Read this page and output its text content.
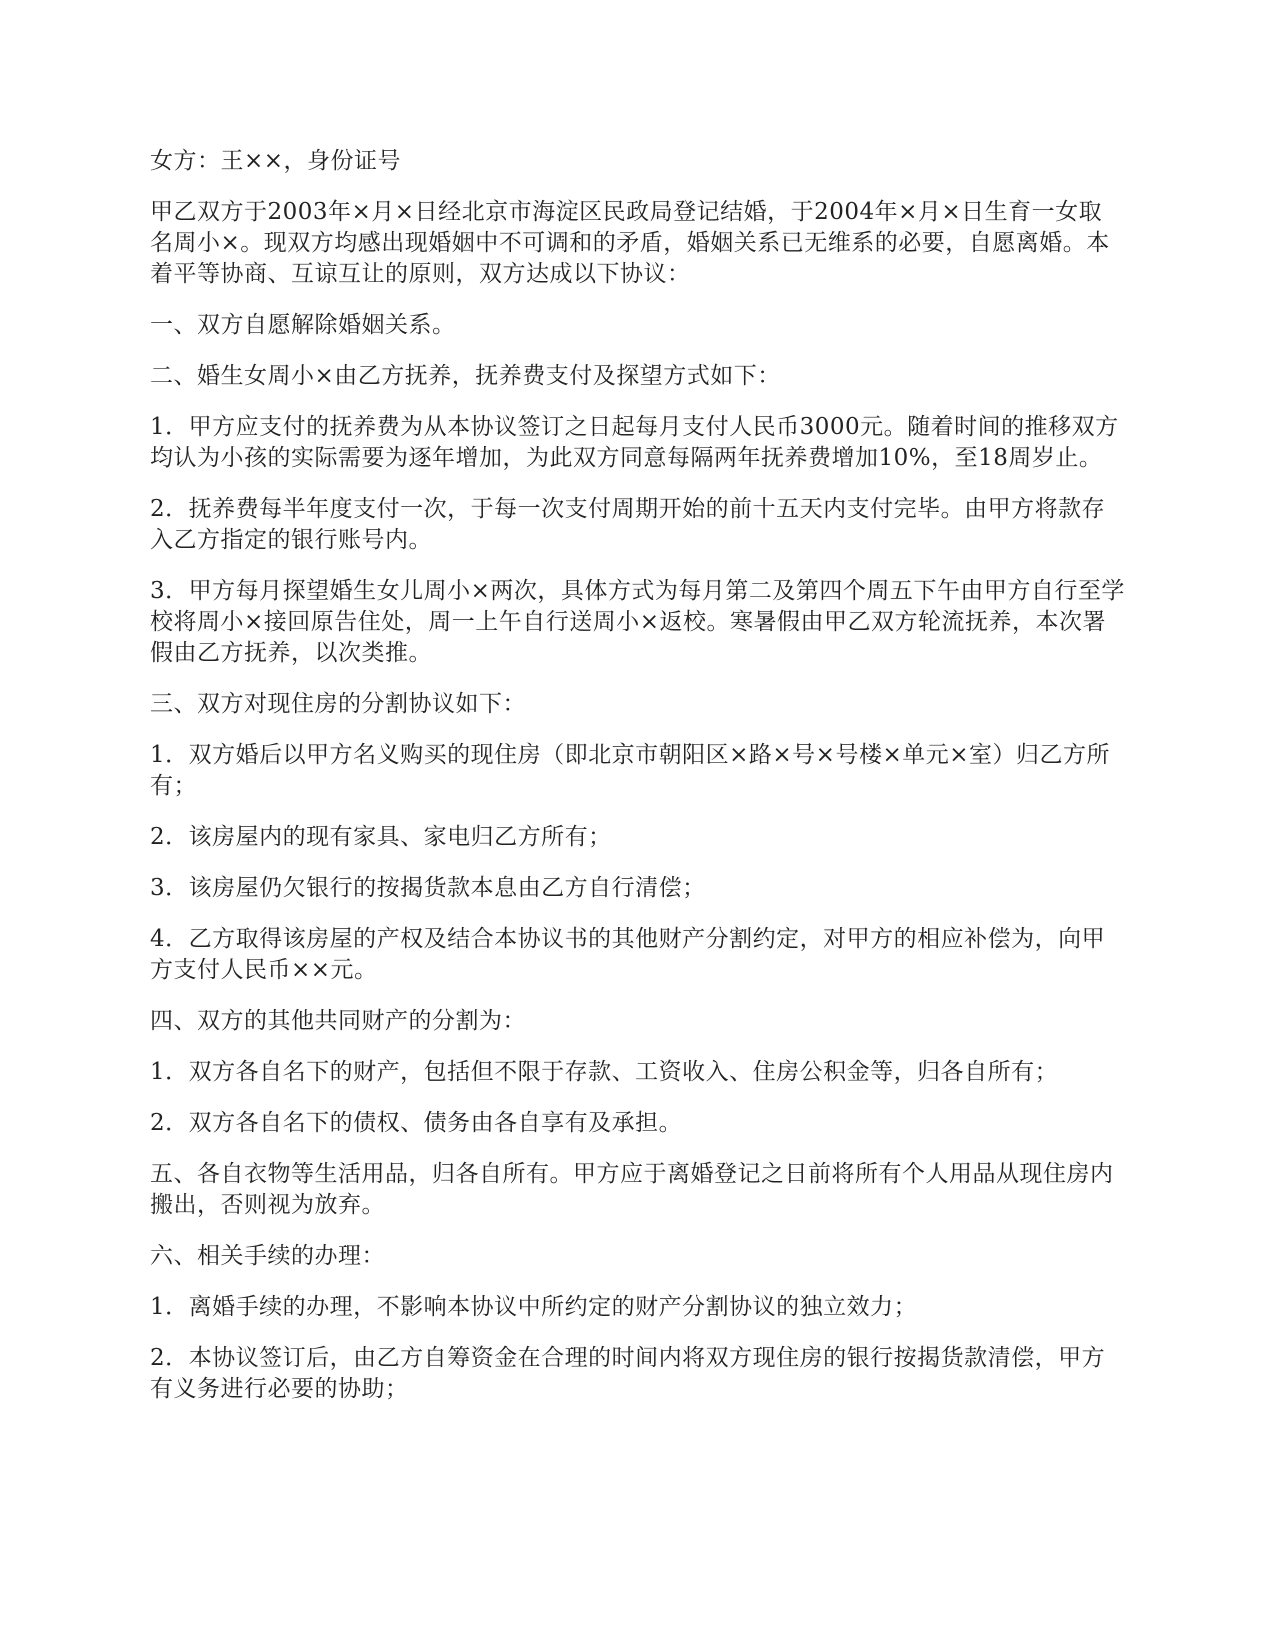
女方：王××，身份证号

甲乙双方于2003年×月×日经北京市海淀区民政局登记结婚，于2004年×月×日生育一女取名周小×。现双方均感出现婚姻中不可调和的矛盾，婚姻关系已无维系的必要，自愿离婚。本着平等协商、互谅互让的原则，双方达成以下协议：

一、双方自愿解除婚姻关系。

二、婚生女周小×由乙方抚养，抚养费支付及探望方式如下：

1．甲方应支付的抚养费为从本协议签订之日起每月支付人民币3000元。随着时间的推移双方均认为小孩的实际需要为逐年增加，为此双方同意每隔两年抚养费增加10%，至18周岁止。

2．抚养费每半年度支付一次，于每一次支付周期开始的前十五天内支付完毕。由甲方将款存入乙方指定的银行账号内。

3．甲方每月探望婚生女儿周小×两次，具体方式为每月第二及第四个周五下午由甲方自行至学校将周小×接回原告住处，周一上午自行送周小×返校。寒暑假由甲乙双方轮流抚养，本次署假由乙方抚养，以次类推。

三、双方对现住房的分割协议如下：

1．双方婚后以甲方名义购买的现住房（即北京市朝阳区×路×号×号楼×单元×室）归乙方所有；

2．该房屋内的现有家具、家电归乙方所有；

3．该房屋仍欠银行的按揭货款本息由乙方自行清偿；

4．乙方取得该房屋的产权及结合本协议书的其他财产分割约定，对甲方的相应补偿为，向甲方支付人民币××元。

四、双方的其他共同财产的分割为：

1．双方各自名下的财产，包括但不限于存款、工资收入、住房公积金等，归各自所有；

2．双方各自名下的债权、债务由各自享有及承担。

五、各自衣物等生活用品，归各自所有。甲方应于离婚登记之日前将所有个人用品从现住房内搬出，否则视为放弃。

六、相关手续的办理：

1．离婚手续的办理，不影响本协议中所约定的财产分割协议的独立效力；

2．本协议签订后，由乙方自筹资金在合理的时间内将双方现住房的银行按揭货款清偿，甲方有义务进行必要的协助；
